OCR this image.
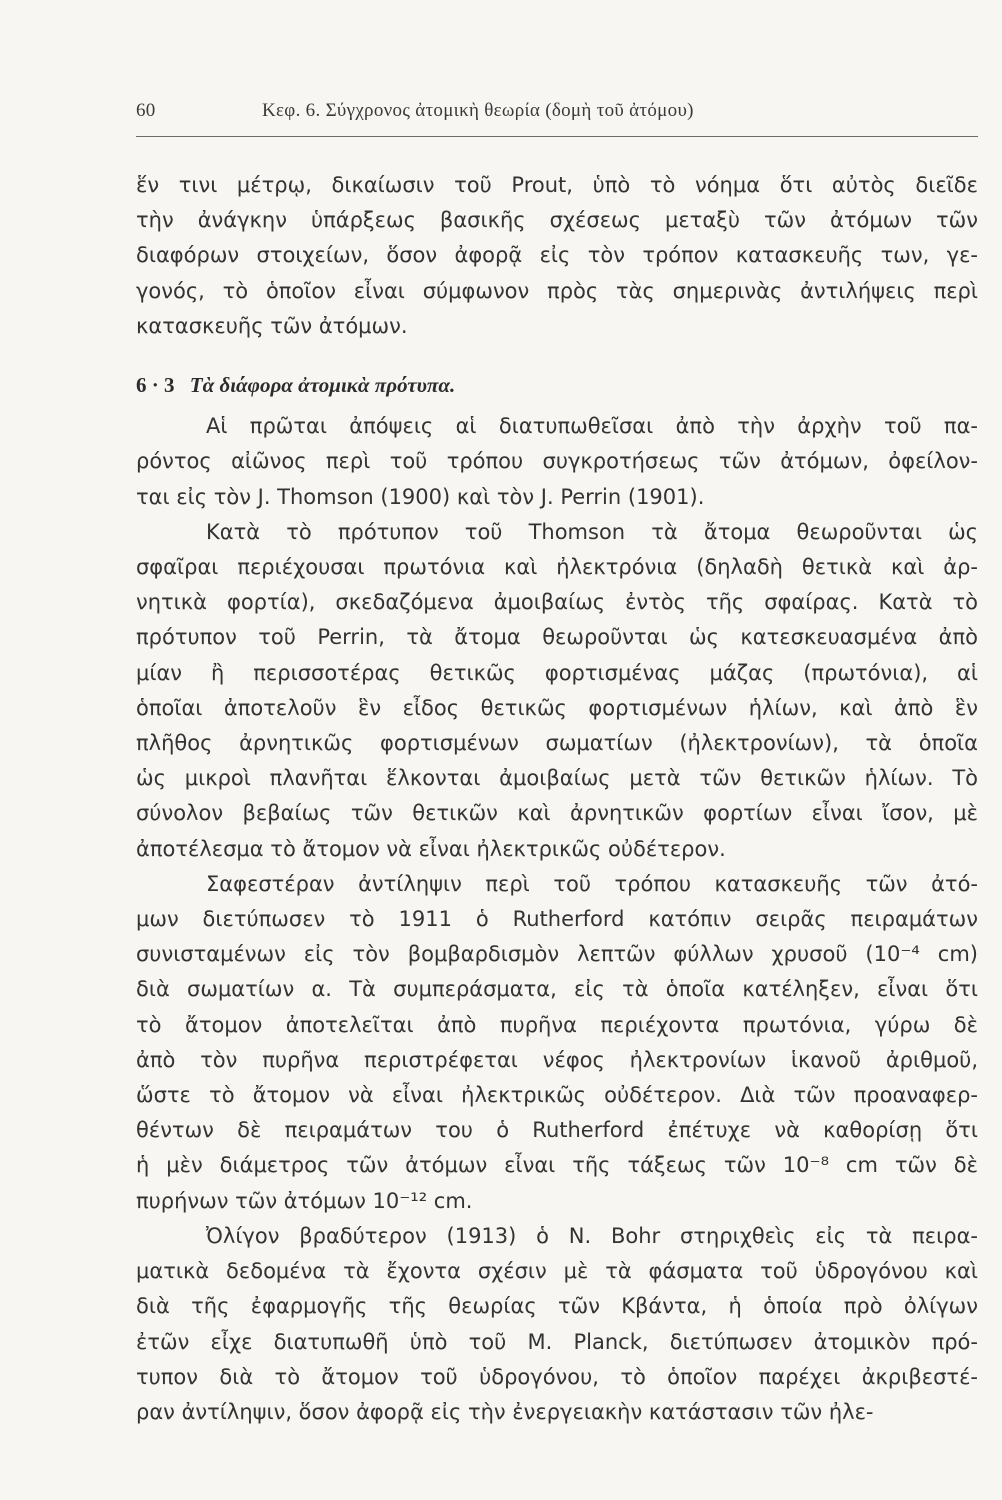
60	Κεφ. 6. Σύγχρονος ἀτομικὴ θεωρία (δομὴ τοῦ ἀτόμου)

ἕν τινι μέτρῳ, δικαίωσιν τοῦ Prout, ὑπὸ τὸ νόημα ὅτι αὐτὸς διεῖδε
τὴν ἀνάγκην ὑπάρξεως βασικῆς σχέσεως μεταξὺ τῶν ἀτόμων τῶν
διαφόρων στοιχείων, ὅσον ἀφορᾷ εἰς τὸν τρόπον κατασκευῆς των, γε-
γονός, τὸ ὁποῖον εἶναι σύμφωνον πρὸς τὰς σημερινὰς ἀντιλήψεις περὶ
κατασκευῆς τῶν ἀτόμων.

6 · 3 Τὰ διάφορα ἀτομικὰ πρότυπα.

Αἱ πρῶται ἀπόψεις αἱ διατυπωθεῖσαι ἀπὸ τὴν ἀρχὴν τοῦ πα-
ρόντος αἰῶνος περὶ τοῦ τρόπου συγκροτήσεως τῶν ἀτόμων, ὀφείλον-
ται εἰς τὸν J. Thomson (1900) καὶ τὸν J. Perrin (1901).

Κατὰ τὸ πρότυπον τοῦ Thomson τὰ ἄτομα θεωροῦνται ὡς
σφαῖραι περιέχουσαι πρωτόνια καὶ ἠλεκτρόνια (δηλαδὴ θετικὰ καὶ ἀρ-
νητικὰ φορτία), σκεδαζόμενα ἀμοιβαίως ἐντὸς τῆς σφαίρας. Κατὰ τὸ
πρότυπον τοῦ Perrin, τὰ ἄτομα θεωροῦνται ὡς κατεσκευασμένα ἀπὸ
μίαν ἢ περισσοτέρας θετικῶς φορτισμένας μάζας (πρωτόνια), αἱ
ὁποῖαι ἀποτελοῦν ἓν εἶδος θετικῶς φορτισμένων ἡλίων, καὶ ἀπὸ ἓν
πλῆθος ἀρνητικῶς φορτισμένων σωματίων (ἠλεκτρονίων), τὰ ὁποῖα
ὡς μικροὶ πλανῆται ἕλκονται ἀμοιβαίως μετὰ τῶν θετικῶν ἡλίων. Τὸ
σύνολον βεβαίως τῶν θετικῶν καὶ ἀρνητικῶν φορτίων εἶναι ἴσον, μὲ
ἀποτέλεσμα τὸ ἄτομον νὰ εἶναι ἠλεκτρικῶς οὐδέτερον.

Σαφεστέραν ἀντίληψιν περὶ τοῦ τρόπου κατασκευῆς τῶν ἀτό-
μων διετύπωσεν τὸ 1911 ὁ Rutherford κατόπιν σειρᾶς πειραμάτων
συνισταμένων εἰς τὸν βομβαρδισμὸν λεπτῶν φύλλων χρυσοῦ (10⁻⁴ cm)
διὰ σωματίων α. Τὰ συμπεράσματα, εἰς τὰ ὁποῖα κατέληξεν, εἶναι ὅτι
τὸ ἄτομον ἀποτελεῖται ἀπὸ πυρῆνα περιέχοντα πρωτόνια, γύρω δὲ
ἀπὸ τὸν πυρῆνα περιστρέφεται νέφος ἠλεκτρονίων ἱκανοῦ ἀριθμοῦ,
ὥστε τὸ ἄτομον νὰ εἶναι ἠλεκτρικῶς οὐδέτερον. Διὰ τῶν προαναφερ-
θέντων δὲ πειραμάτων του ὁ Rutherford ἐπέτυχε νὰ καθορίσῃ ὅτι
ἡ μὲν διάμετρος τῶν ἀτόμων εἶναι τῆς τάξεως τῶν 10⁻⁸ cm τῶν δὲ
πυρήνων τῶν ἀτόμων 10⁻¹² cm.

Ὀλίγον βραδύτερον (1913) ὁ N. Bohr στηριχθεὶς εἰς τὰ πειρα-
ματικὰ δεδομένα τὰ ἔχοντα σχέσιν μὲ τὰ φάσματα τοῦ ὑδρογόνου καὶ
διὰ τῆς ἐφαρμογῆς τῆς θεωρίας τῶν Κβάντα, ἡ ὁποία πρὸ ὀλίγων
ἐτῶν εἶχε διατυπωθῆ ὑπὸ τοῦ M. Planck, διετύπωσεν ἀτομικὸν πρό-
τυπον διὰ τὸ ἄτομον τοῦ ὑδρογόνου, τὸ ὁποῖον παρέχει ἀκριβεστέ-
ραν ἀντίληψιν, ὅσον ἀφορᾷ εἰς τὴν ἐνεργειακὴν κατάστασιν τῶν ἠλε-
